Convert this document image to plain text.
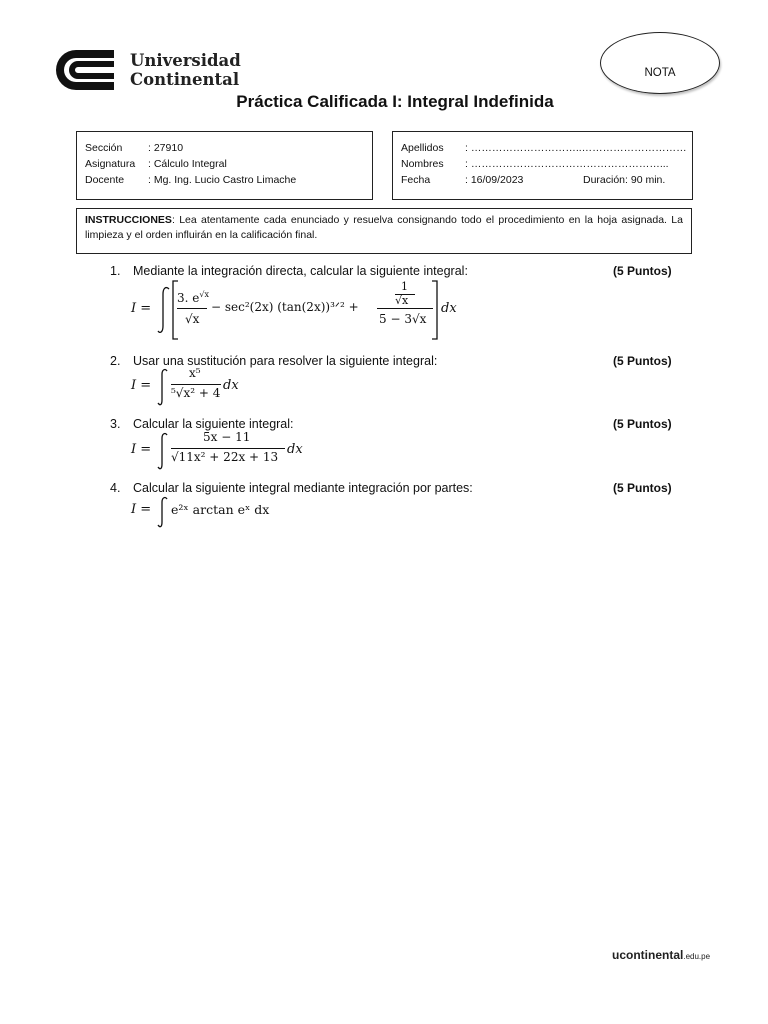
Universidad
Continental	NOTA
Práctica Calificada I: Integral Indefinida
Sección : 27910
Asignatura : Cálculo Integral
Docente : Mg. Ing. Lucio Castro Limache
Apellidos : …………………………..…………………………
Nombres : ………………………………………………...
Fecha	: 16/09/2023	Duración: 90 min.
INSTRUCCIONES: Lea atentamente cada enunciado y resuelva consignando todo el procedimiento en la hoja asignada. La limpieza y el orden influirán en la calificación final.
1. Mediante la integración directa, calcular la siguiente integral:	(5 Puntos)
I =
3. $e^{√x}$
√x
− sec²(2x) (tan(2x))³ᐟ² +
1
√x
5 − 3√x
dx
2. Usar una sustitución para resolver la siguiente integral:	(5 Puntos)
I =
x⁵
⁵√x² + 4 dx
3. Calcular la siguiente integral:	(5 Puntos)
I =
5x − 11
√11x² + 22x + 13 dx
4. Calcular la siguiente integral mediante integración por partes:	(5 Puntos)
I = e²ˣ arctan eˣ dx
ucontinental.edu.pe
